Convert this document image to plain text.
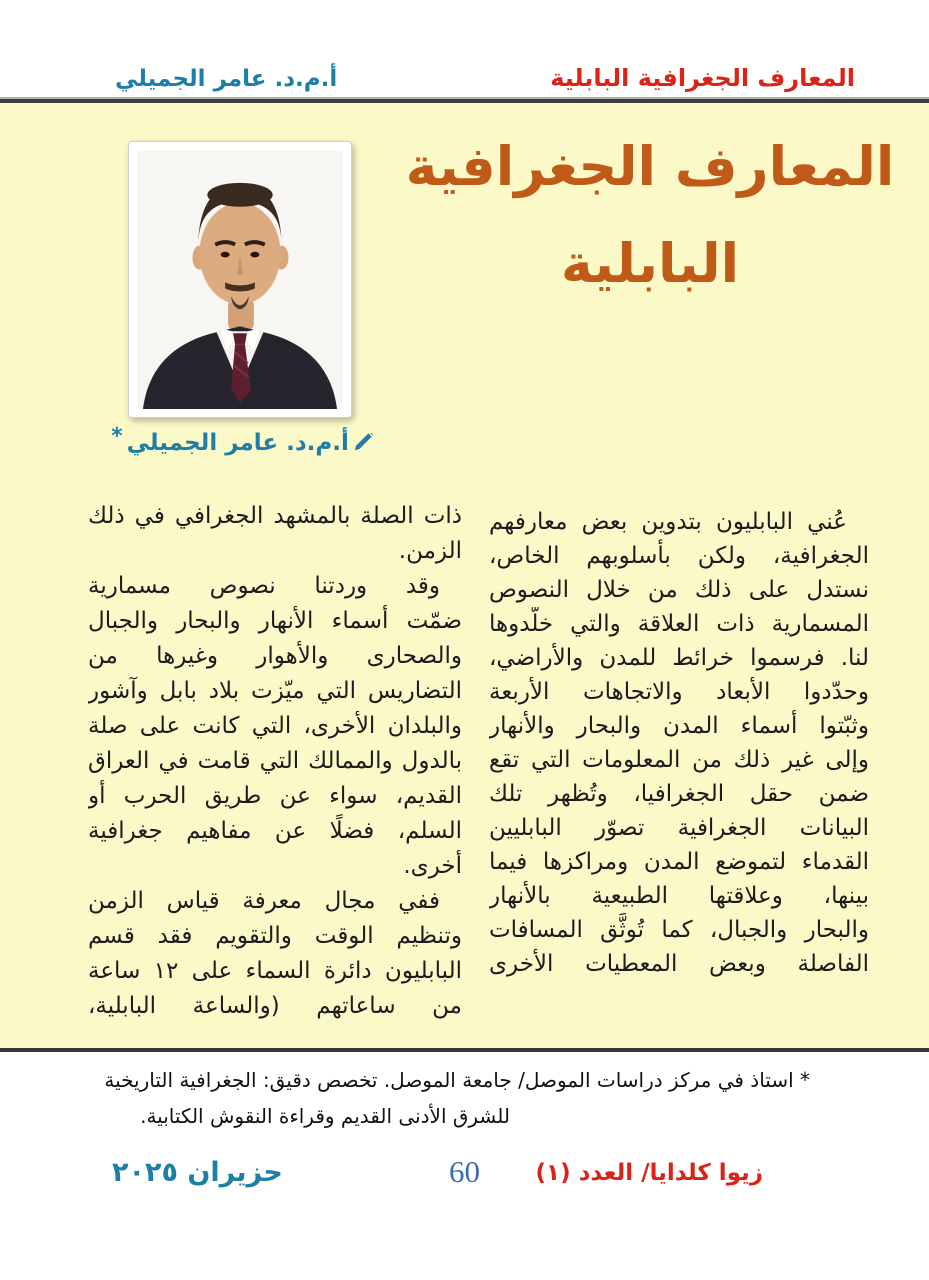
المعارف الجغرافية البابلية
أ.م.د. عامر الجميلي
أ.م.د. عامر الجميلي*
المعارف الجغرافية
البابلية
عُني البابليون بتدوين بعض معارفهم
الجغرافية، ولكن بأسلوبهم الخاص،
نستدل على ذلك من خلال النصوص
المسمارية ذات العلاقة والتي خلّدوها
لنا. فرسموا خرائط للمدن والأراضي،
وحدّدوا الأبعاد والاتجاهات الأربعة
وثبّتوا أسماء المدن والبحار والأنهار
وإلى غير ذلك من المعلومات التي تقع
ضمن حقل الجغرافيا، وتُظهر تلك
البيانات الجغرافية تصوّر البابليين
القدماء لتموضع المدن ومراكزها فيما
بينها، وعلاقتها الطبيعية بالأنهار
والبحار والجبال، كما تُوثَّق المسافات
الفاصلة وبعض المعطيات الأخرى
ذات الصلة بالمشهد الجغرافي في ذلك
الزمن.
وقد وردتنا نصوص مسمارية
ضمّت أسماء الأنهار والبحار والجبال
والصحارى والأهوار وغيرها من
التضاريس التي ميّزت بلاد بابل وآشور
والبلدان الأخرى، التي كانت على صلة
بالدول والممالك التي قامت في العراق
القديم، سواء عن طريق الحرب أو
السلم، فضلًا عن مفاهيم جغرافية
أخرى.
ففي مجال معرفة قياس الزمن
وتنظيم الوقت والتقويم فقد قسم
البابليون دائرة السماء على ١٢ ساعة
من ساعاتهم (والساعة البابلية،
* استاذ في مركز دراسات الموصل/ جامعة الموصل. تخصص دقيق: الجغرافية التاريخية
للشرق الأدنى القديم وقراءة النقوش الكتابية.
60	زيوا كلدايا/ العدد (١)
حزيران ٢٠٢٥
